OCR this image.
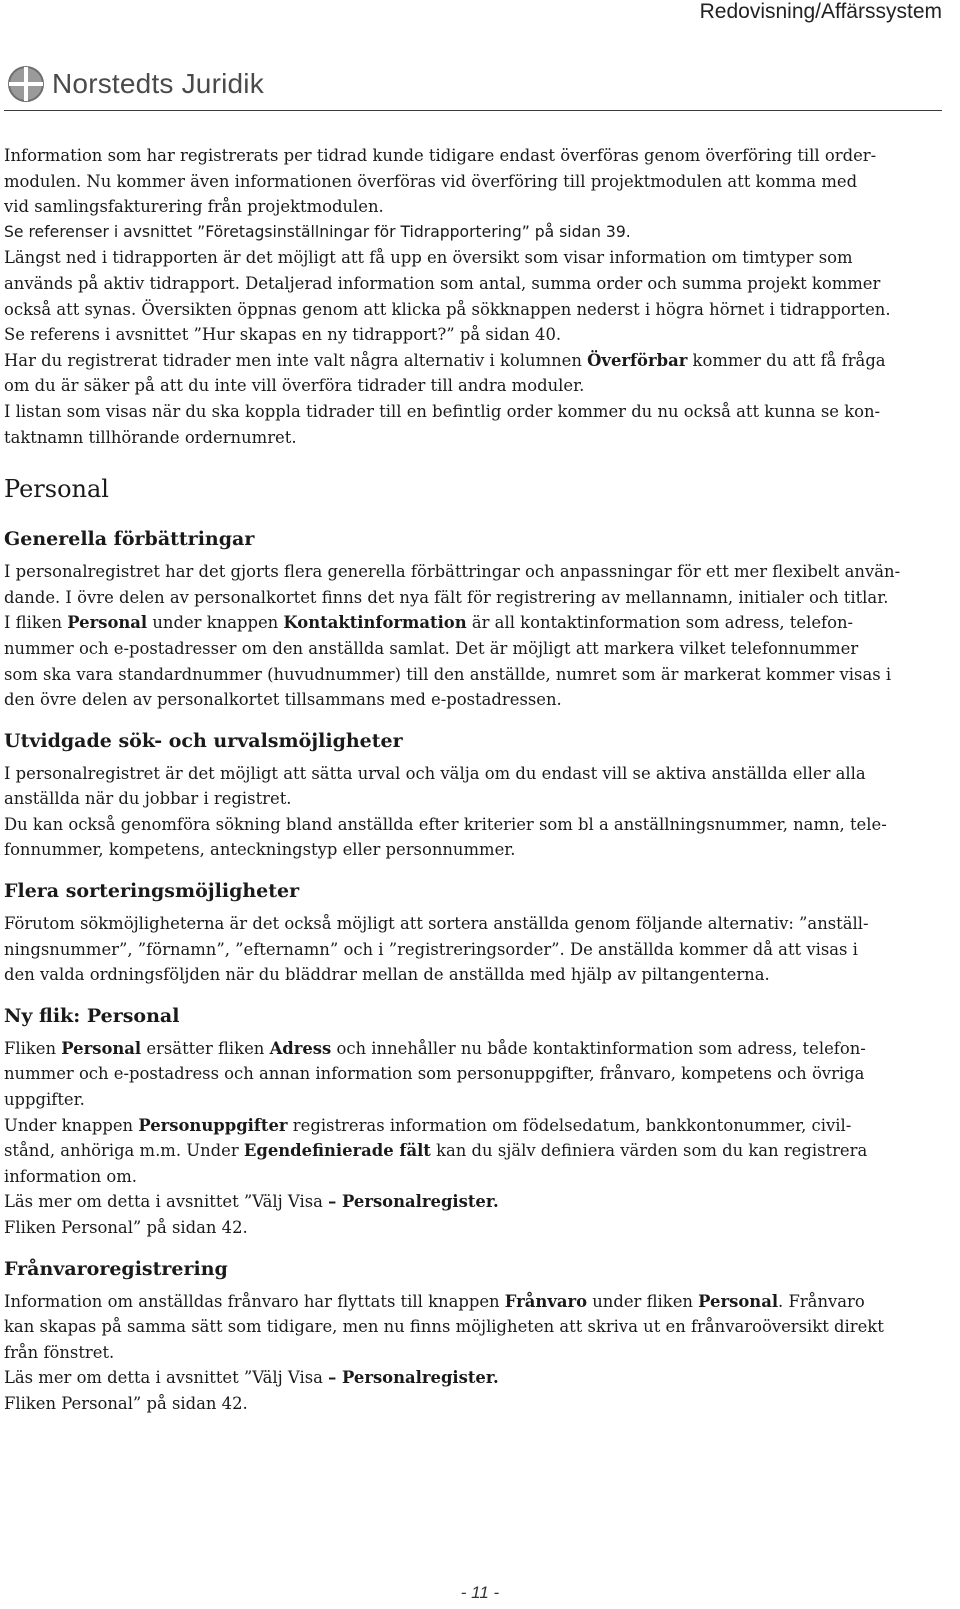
Redovisning/Affärssystem
Norstedts Juridik

Information som har registrerats per tidrad kunde tidigare endast överföras genom överföring till order-

modulen. Nu kommer även informationen överföras vid överföring till projektmodulen att komma med

vid samlingsfakturering från projektmodulen.

Se referenser i avsnittet ”Företagsinställningar för Tidrapportering” på sidan 39.

Längst ned i tidrapporten är det möjligt att få upp en översikt som visar information om timtyper som

används på aktiv tidrapport. Detaljerad information som antal, summa order och summa projekt kommer

också att synas. Översikten öppnas genom att klicka på sökknappen nederst i högra hörnet i tidrapporten.

Se referens i avsnittet ”Hur skapas en ny tidrapport?” på sidan 40.

Har du registrerat tidrader men inte valt några alternativ i kolumnen Överförbar kommer du att få fråga

om du är säker på att du inte vill överföra tidrader till andra moduler.

I listan som visas när du ska koppla tidrader till en befintlig order kommer du nu också att kunna se kon-

taktnamn tillhörande ordernumret.

Personal
Generella förbättringar

I personalregistret har det gjorts flera generella förbättringar och anpassningar för ett mer flexibelt använ-

dande. I övre delen av personalkortet finns det nya fält för registrering av mellannamn, initialer och titlar.

I fliken Personal under knappen Kontaktinformation är all kontaktinformation som adress, telefon-

nummer och e-postadresser om den anställda samlat. Det är möjligt att markera vilket telefonnummer

som ska vara standardnummer (huvudnummer) till den anställde, numret som är markerat kommer visas i

den övre delen av personalkortet tillsammans med e-postadressen.

Utvidgade sök- och urvalsmöjligheter

I personalregistret är det möjligt att sätta urval och välja om du endast vill se aktiva anställda eller alla

anställda när du jobbar i registret.

Du kan också genomföra sökning bland anställda efter kriterier som bl a anställningsnummer, namn, tele-

fonnummer, kompetens, anteckningstyp eller personnummer.

Flera sorteringsmöjligheter

Förutom sökmöjligheterna är det också möjligt att sortera anställda genom följande alternativ: ”anställ-

ningsnummer”, ”förnamn”, ”efternamn” och i ”registreringsorder”. De anställda kommer då att visas i

den valda ordningsföljden när du bläddrar mellan de anställda med hjälp av piltangenterna.

Ny flik: Personal

Fliken Personal ersätter fliken Adress och innehåller nu både kontaktinformation som adress, telefon-

nummer och e-postadress och annan information som personuppgifter, frånvaro, kompetens och övriga

uppgifter.

Under knappen Personuppgifter registreras information om födelsedatum, bankkontonummer, civil-

stånd, anhöriga m.m. Under Egendefinierade fält kan du själv definiera värden som du kan registrera

information om.

Läs mer om detta i avsnittet ”Välj Visa – Personalregister.

Fliken Personal” på sidan 42.

Frånvaroregistrering

Information om anställdas frånvaro har flyttats till knappen Frånvaro under fliken Personal. Frånvaro

kan skapas på samma sätt som tidigare, men nu finns möjligheten att skriva ut en frånvaroöversikt direkt

från fönstret.

Läs mer om detta i avsnittet ”Välj Visa – Personalregister.

Fliken Personal” på sidan 42.

- 11 -
